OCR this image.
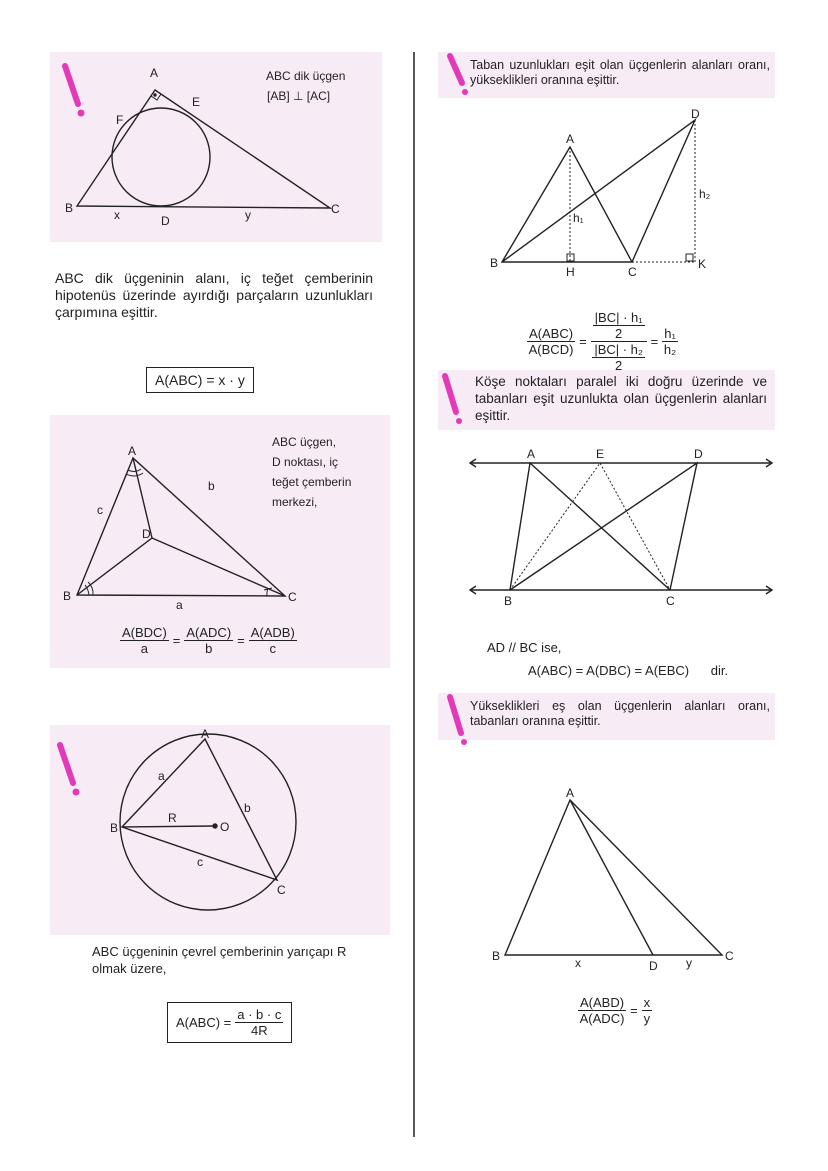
A
F
E
B	C
D
x	y
ABC dik üçgen
[AB] ⊥ [AC]
A
B	C
D
a
b
c
ABC üçgen,
D noktası, iç
teğet çemberin
merkezi,
A
B
C
O
R
a
b
c
A
B
C
D
H
K
h₁
h₂
A	E	D
B	C
A
B	C
D
x	y
ABC dik üçgeninin alanı, iç teğet çemberinin hipotenüs üzerinde ayırdığı parçaların uzunlukları çarpımına eşittir.
A(ABC) = x · y
$\frac{\text{A(BDC)}}{a} = \frac{\text{A(ADC)}}{b} = \frac{\text{A(ADB)}}{c}$
ABC üçgeninin çevrel çemberinin yarıçapı R olmak üzere,
$A(ABC) = \frac{a \cdot b \cdot c}{4R}$
Taban uzunlukları eşit olan üçgenlerin alanları oranı, yükseklikleri oranına eşittir.
$\frac{\text{A(ABC)}}{\text{A(BCD)}} = \frac{\frac{\text{|BC| · h₁}}{2}}{\frac{\text{|BC| · h₂}}{2}} = \frac{\text{h₁}}{\text{h₂}}$
Köşe noktaları paralel iki doğru üzerinde ve tabanları eşit uzunlukta olan üçgenlerin alanları eşittir.
AD // BC ise,
A(ABC) = A(DBC) = A(EBC)      dir.
Yükseklikleri eş olan üçgenlerin alanları oranı, tabanları oranına eşittir.
$\frac{\text{A(ABD)}}{\text{A(ADC)}} = \frac{x}{y}$
